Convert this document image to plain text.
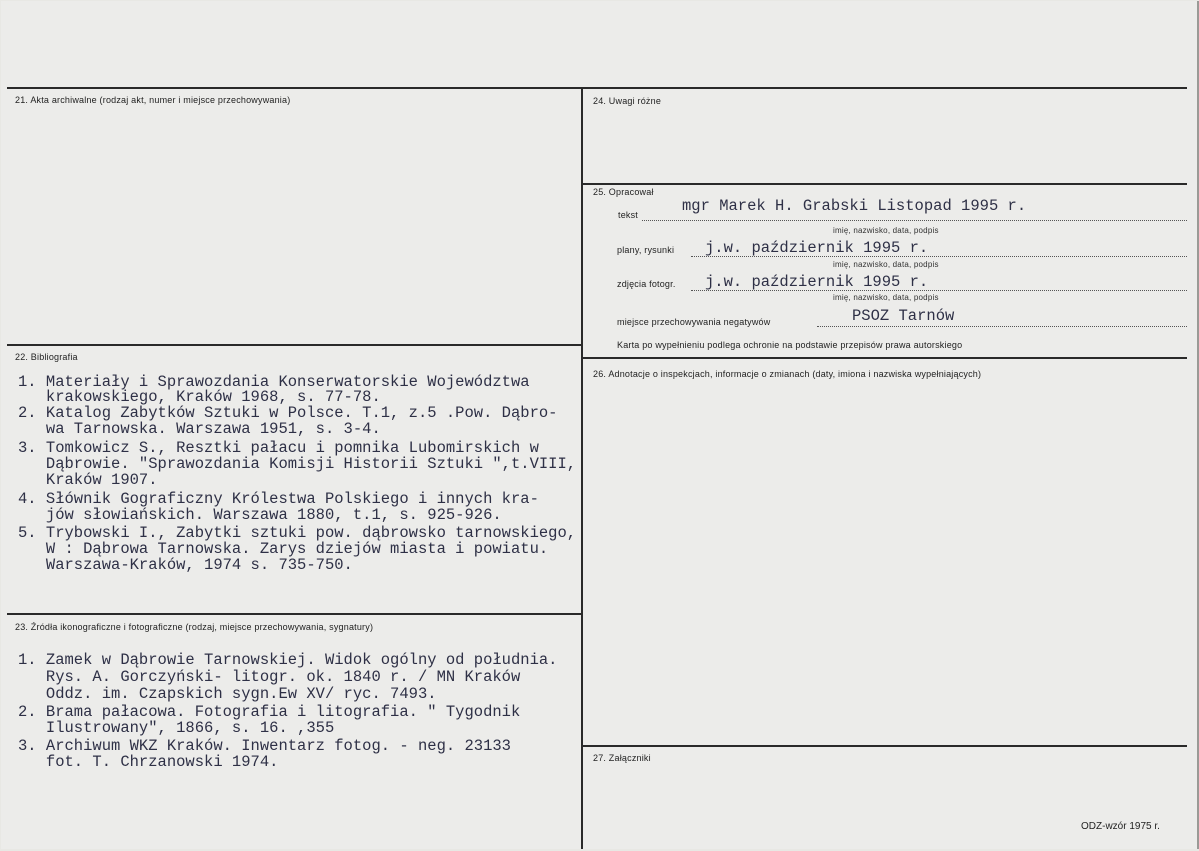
21. Akta archiwalne (rodzaj akt, numer i miejsce przechowywania)
22. Bibliografia
23. Źródła ikonograficzne i fotograficzne (rodzaj, miejsce przechowywania, sygnatury)
24. Uwagi różne
25. Opracował
26. Adnotacje o inspekcjach, informacje o zmianach (daty, imiona i nazwiska wypełniających)
27. Załączniki
tekst	mgr Marek H. Grabski Listopad 1995 r.
imię, nazwisko, data, podpis
plany, rysunki j.w. październik 1995 r.
imię, nazwisko, data, podpis
zdjęcia fotogr. j.w. październik 1995 r.
imię, nazwisko, data, podpis
miejsce przechowywania negatywów	PSOZ Tarnów
Karta po wypełnieniu podlega ochronie na podstawie przepisów prawa autorskiego
1. Materiały i Sprawozdania Konserwatorskie Województwa
krakowskiego, Kraków 1968, s. 77-78.
2. Katalog Zabytków Sztuki w Polsce. T.1, z.5 .Pow. Dąbro-
wa Tarnowska. Warszawa 1951, s. 3-4.
3. Tomkowicz S., Resztki pałacu i pomnika Lubomirskich w
Dąbrowie. "Sprawozdania Komisji Historii Sztuki ",t.VIII,
Kraków 1907.
4. Słównik Gograficzny Królestwa Polskiego i innych kra-
jów słowiańskich. Warszawa 1880, t.1, s. 925-926.
5. Trybowski I., Zabytki sztuki pow. dąbrowsko tarnowskiego,
W : Dąbrowa Tarnowska. Zarys dziejów miasta i powiatu.
Warszawa-Kraków, 1974 s. 735-750.
1. Zamek w Dąbrowie Tarnowskiej. Widok ogólny od południa.
Rys. A. Gorczyński- litogr. ok. 1840 r. / MN Kraków
Oddz. im. Czapskich sygn.Ew XV/ ryc. 7493.
2. Brama pałacowa. Fotografia i litografia. " Tygodnik
Ilustrowany", 1866, s. 16. ,355
3. Archiwum WKZ Kraków. Inwentarz fotog. - neg. 23133
fot. T. Chrzanowski 1974.
ODZ-wzór 1975 r.
